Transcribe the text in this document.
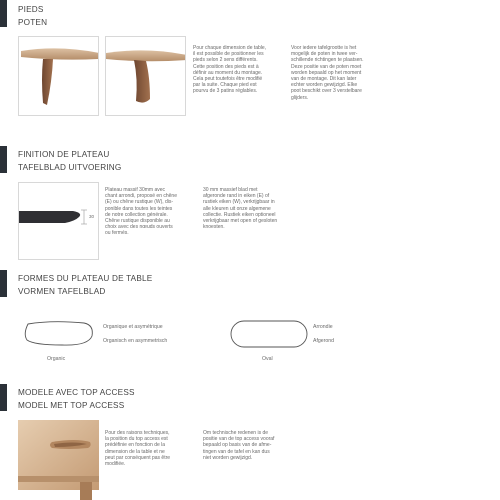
PIEDS
POTEN
Pour chaque dimension de table,
il est possible de positionner les
pieds selon 2 sens différents.
Cette position des pieds est à
définir au moment du montage.
Cela peut toutefois être modifié
par la suite. Chaque pied est
pourvu de 3 patins réglables.
Voor iedere tafelgrootte is het
mogelijk de poten in twee ver-
schillende richtingen te plaatsen.
Deze positie van de poten moet
worden bepaald op het moment
van de montage. Dit kan later
echter worden gewijzigd. Elke
poot beschikt over 3 verstelbare
glijders.
FINITION DE PLATEAU
TAFELBLAD UITVOERING
30
Plateau massif 30mm avec
chant arrondi, proposé en chêne
(E) ou chêne rustique (W), dis-
ponible dans toutes les teintes
de notre collection générale.
Chêne rustique disponible au
choix avec des nœuds ouverts
ou fermés.
30 mm massief blad met
afgeronde rand in eiken (E) of
rustiek eiken (W), verkrijgbaar in
alle kleuren uit onze algemene
collectie. Rustiek eiken optioneel
verkrijgbaar met open of gesloten
knoesten.
FORMES DU PLATEAU DE TABLE
VORMEN TAFELBLAD
Organique et asymétrique
Organisch en asymmetrisch
Organic
Arrondie
Afgerond
Oval
MODELE AVEC TOP ACCESS
MODEL MET TOP ACCESS
Pour des raisons techniques,
la position du top access est
prédéfinie en fonction de la
dimension de la table et ne
peut par conséquent pas être
modifiée.
Om technische redenen is de
positie van de top access vooraf
bepaald op basis van de afme-
tingen van de tafel en kan dus
niet worden gewijzigd.
